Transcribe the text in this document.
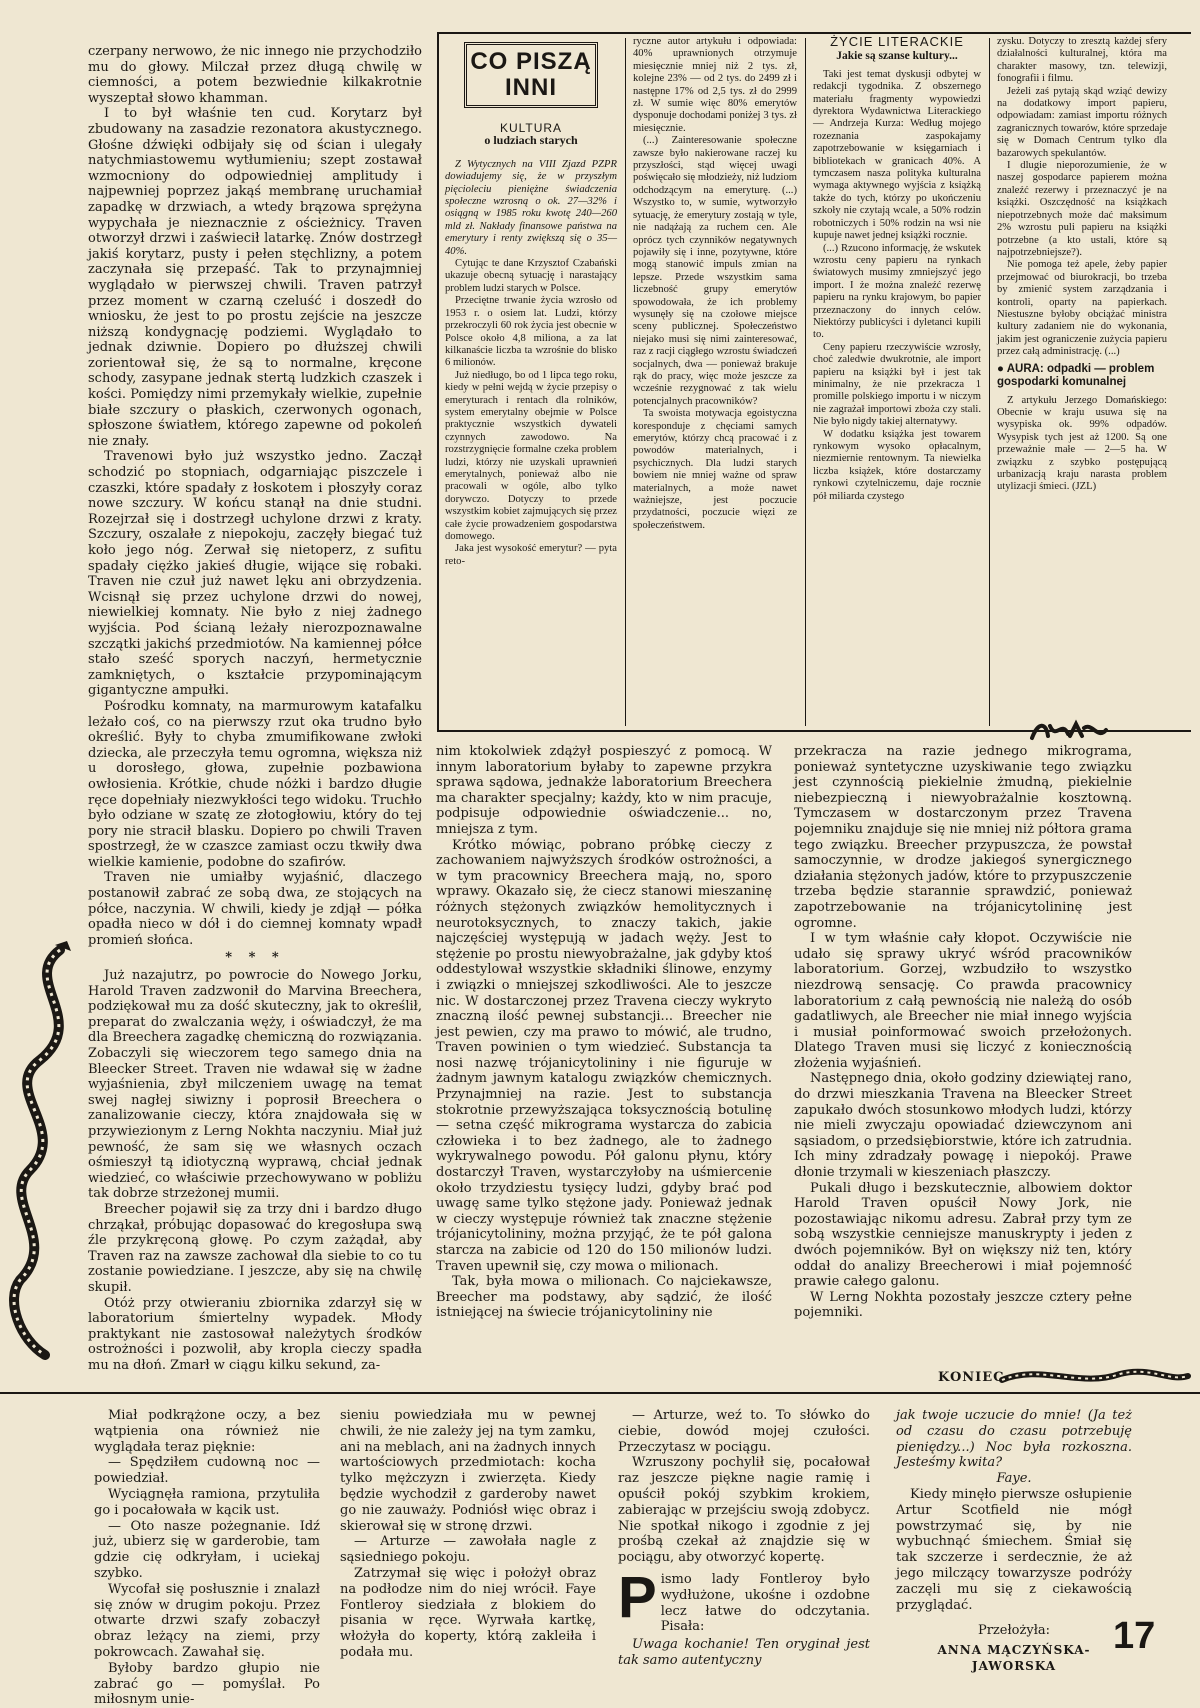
czerpany nerwowo, że nic innego nie przychodziło mu do głowy. Milczał przez długą chwilę w ciemności, a potem bezwiednie kilkakrotnie wyszeptał słowo khamman.

I to był właśnie ten cud. Korytarz był zbudowany na zasadzie rezonatora akustycznego. Głośne dźwięki odbijały się od ścian i ulegały natychmiastowemu wytłumieniu; szept zostawał wzmocniony do odpowiedniej amplitudy i najpewniej poprzez jakąś membranę uruchamiał zapadkę w drzwiach, a wtedy brązowa sprężyna wypychała je nieznacznie z ościeżnicy. Traven otworzył drzwi i zaświecił latarkę. Znów dostrzegł jakiś korytarz, pusty i pełen stęchlizny, a potem zaczynała się przepaść. Tak to przynajmniej wyglądało w pierwszej chwili. Traven patrzył przez moment w czarną czeluść i doszedł do wniosku, że jest to po prostu zejście na jeszcze niższą kondygnację podziemi. Wyglądało to jednak dziwnie. Dopiero po dłuższej chwili zorientował się, że są to normalne, kręcone schody, zasypane jednak stertą ludzkich czaszek i kości. Pomiędzy nimi przemykały wielkie, zupełnie białe szczury o płaskich, czerwonych ogonach, spłoszone światłem, którego zapewne od pokoleń nie znały.

Travenowi było już wszystko jedno. Zaczął schodzić po stopniach, odgarniając piszczele i czaszki, które spadały z łoskotem i płoszyły coraz nowe szczury. W końcu stanął na dnie studni. Rozejrzał się i dostrzegł uchylone drzwi z kraty. Szczury, oszalałe z niepokoju, zaczęły biegać tuż koło jego nóg. Zerwał się nietoperz, z sufitu spadały ciężko jakieś długie, wijące się robaki. Traven nie czuł już nawet lęku ani obrzydzenia. Wcisnął się przez uchylone drzwi do nowej, niewielkiej komnaty. Nie było z niej żadnego wyjścia. Pod ścianą leżały nierozpoznawalne szczątki jakichś przedmiotów. Na kamiennej półce stało sześć sporych naczyń, hermetycznie zamkniętych, o kształcie przypominającym gigantyczne ampułki.

Pośrodku komnaty, na marmurowym katafalku leżało coś, co na pierwszy rzut oka trudno było określić. Były to chyba zmumifikowane zwłoki dziecka, ale przeczyła temu ogromna, większa niż u dorosłego, głowa, zupełnie pozbawiona owłosienia. Krótkie, chude nóżki i bardzo długie ręce dopełniały niezwykłości tego widoku. Truchło było odziane w szatę ze złotogłowiu, który do tej pory nie stracił blasku. Dopiero po chwili Traven spostrzegł, że w czaszce zamiast oczu tkwiły dwa wielkie kamienie, podobne do szafirów.

Traven nie umiałby wyjaśnić, dlaczego postanowił zabrać ze sobą dwa, ze stojących na półce, naczynia. W chwili, kiedy je zdjął — półka opadła nieco w dół i do ciemnej komnaty wpadł promień słońca.

* * *

Już nazajutrz, po powrocie do Nowego Jorku, Harold Traven zadzwonił do Marvina Breechera, podziękował mu za dość skuteczny, jak to określił, preparat do zwalczania węży, i oświadczył, że ma dla Breechera zagadkę chemiczną do rozwiązania. Zobaczyli się wieczorem tego samego dnia na Bleecker Street. Traven nie wdawał się w żadne wyjaśnienia, zbył milczeniem uwagę na temat swej nagłej siwizny i poprosił Breechera o zanalizowanie cieczy, która znajdowała się w przywiezionym z Lerng Nokhta naczyniu. Miał już pewność, że sam się we własnych oczach ośmieszył tą idiotyczną wyprawą, chciał jednak wiedzieć, co właściwie przechowywano w pobliżu tak dobrze strzeżonej mumii.

Breecher pojawił się za trzy dni i bardzo długo chrząkał, próbując dopasować do kregosłupa swą źle przykręconą głowę. Po czym zażądał, aby Traven raz na zawsze zachował dla siebie to co tu zostanie powiedziane. I jeszcze, aby się na chwilę skupił.

Otóż przy otwieraniu zbiornika zdarzył się w laboratorium śmiertelny wypadek. Młody praktykant nie zastosował należytych środków ostrożności i pozwolił, aby kropla cieczy spadła mu na dłoń. Zmarł w ciągu kilku sekund, za-

CO PISZĄ
INNI
KULTURA
o ludziach starych

Z Wytycznych na VIII Zjazd PZPR dowiadujemy się, że w przyszłym pięcioleciu pieniężne świadczenia społeczne wzrosną o ok. 27—32% i osiągną w 1985 roku kwotę 240—260 mld zł. Nakłady finansowe państwa na emerytury i renty zwiększą się o 35—40%.

Cytując te dane Krzysztof Czabański ukazuje obecną sytuację i narastający problem ludzi starych w Polsce.

Przeciętne trwanie życia wzrosło od 1953 r. o osiem lat. Ludzi, którzy przekroczyli 60 rok życia jest obecnie w Polsce około 4,8 miliona, a za lat kilkanaście liczba ta wzrośnie do blisko 6 milionów.

Już niedługo, bo od 1 lipca tego roku, kiedy w pełni wejdą w życie przepisy o emeryturach i rentach dla rolników, system emerytalny obejmie w Polsce praktycznie wszystkich dywateli czynnych zawodowo. Na rozstrzygnięcie formalne czeka problem ludzi, którzy nie uzyskali uprawnień emerytalnych, ponieważ albo nie pracowali w ogóle, albo tylko dorywczo. Dotyczy to przede wszystkim kobiet zajmujących się przez całe życie prowadzeniem gospodarstwa domowego.

Jaka jest wysokość emerytur? — pyta reto-

ryczne autor artykułu i odpowiada: 40% uprawnionych otrzymuje miesięcznie mniej niż 2 tys. zł, kolejne 23% — od 2 tys. do 2499 zł i następne 17% od 2,5 tys. zł do 2999 zł. W sumie więc 80% emerytów dysponuje dochodami poniżej 3 tys. zł miesięcznie.

(...) Zainteresowanie społeczne zawsze było nakierowane raczej ku przyszłości, stąd więcej uwagi poświęcało się młodzieży, niż ludziom odchodzącym na emeryturę. (...) Wszystko to, w sumie, wytworzyło sytuację, że emerytury zostają w tyle, nie nadążają za ruchem cen. Ale oprócz tych czynników negatywnych pojawiły się i inne, pozytywne, które mogą stanowić impuls zmian na lepsze. Przede wszystkim sama liczebność grupy emerytów spowodowała, że ich problemy wysunęły się na czołowe miejsce sceny publicznej. Społeczeństwo niejako musi się nimi zainteresować, raz z racji ciągłego wzrostu świadczeń socjalnych, dwa — ponieważ brakuje rąk do pracy, więc może jeszcze za wcześnie rezygnować z tak wielu potencjalnych pracowników?

Ta swoista motywacja egoistyczna koresponduje z chęciami samych emerytów, którzy chcą pracować i z powodów materialnych, i psychicznych. Dla ludzi starych bowiem nie mniej ważne od spraw materialnych, a może nawet ważniejsze, jest poczucie przydatności, poczucie więzi ze społeczeństwem.

ŻYCIE LITERACKIE
Jakie są szanse kultury...

Taki jest temat dyskusji odbytej w redakcji tygodnika. Z obszernego materiału fragmenty wypowiedzi dyrektora Wydawnictwa Literackiego — Andrzeja Kurza: Według mojego rozeznania zaspokajamy zapotrzebowanie w księgarniach i bibliotekach w granicach 40%. A tymczasem nasza polityka kulturalna wymaga aktywnego wyjścia z książką także do tych, którzy po ukończeniu szkoły nie czytają wcale, a 50% rodzin robotniczych i 50% rodzin na wsi nie kupuje nawet jednej książki rocznie.

(...) Rzucono informację, że wskutek wzrostu ceny papieru na rynkach światowych musimy zmniejszyć jego import. I że można znaleźć rezerwę papieru na rynku krajowym, bo papier przeznaczony do innych celów. Niektórzy publicyści i dyletanci kupili to.

Ceny papieru rzeczywiście wzrosły, choć zaledwie dwukrotnie, ale import papieru na książki był i jest tak minimalny, że nie przekracza 1 promille polskiego importu i w niczym nie zagrażał importowi zboża czy stali. Nie było nigdy takiej alternatywy.

W dodatku książka jest towarem rynkowym wysoko opłacalnym, niezmiernie rentownym. Ta niewielka liczba książek, które dostarczamy rynkowi czytelniczemu, daje rocznie pół miliarda czystego

zysku. Dotyczy to zresztą każdej sfery działalności kulturalnej, która ma charakter masowy, tzn. telewizji, fonografii i filmu.

Jeżeli zaś pytają skąd wziąć dewizy na dodatkowy import papieru, odpowiadam: zamiast importu różnych zagranicznych towarów, które sprzedaje się w Domach Centrum tylko dla bazarowych spekulantów.

I dlugie nieporozumienie, że w naszej gospodarce papierem można znaleźć rezerwy i przeznaczyć je na książki. Oszczędność na książkach niepotrzebnych może dać maksimum 2% wzrostu puli papieru na książki potrzebne (a kto ustali, które są najpotrzebniejsze?).

Nie pomoga też apele, żeby papier przejmować od biurokracji, bo trzeba by zmienić system zarządzania i kontroli, oparty na papierkach. Niestuszne byłoby obciążać ministra kultury zadaniem nie do wykonania, jakim jest ograniczenie zużycia papieru przez całą administrację. (...)

● AURA: odpadki — problem gospodarki komunalnej

Z artykułu Jerzego Domańskiego: Obecnie w kraju usuwa się na wysypiska ok. 99% odpadów. Wysypisk tych jest aż 1200. Są one przeważnie małe — 2—5 ha. W związku z szybko postępującą urbanizacją kraju narasta problem utylizacji śmieci. (JZL)

nim ktokolwiek zdążył pospieszyć z pomocą. W innym laboratorium byłaby to zapewne przykra sprawa sądowa, jednakże laboratorium Breechera ma charakter specjalny; każdy, kto w nim pracuje, podpisuje odpowiednie oświadczenie... no, mniejsza z tym.

Krótko mówiąc, pobrano próbkę cieczy z zachowaniem najwyższych środków ostrożności, a w tym pracownicy Breechera mają, no, sporo wprawy. Okazało się, że ciecz stanowi mieszaninę różnych stężonych związków hemolitycznych i neurotoksycznych, to znaczy takich, jakie najczęściej występują w jadach węży. Jest to stężenie po prostu niewyobrażalne, jak gdyby ktoś oddestylował wszystkie składniki ślinowe, enzymy i związki o mniejszej szkodliwości. Ale to jeszcze nic. W dostarczonej przez Travena cieczy wykryto znaczną ilość pewnej substancji... Breecher nie jest pewien, czy ma prawo to mówić, ale trudno, Traven powinien o tym wiedzieć. Substancja ta nosi nazwę trójanicytolininy i nie figuruje w żadnym jawnym katalogu związków chemicznych. Przynajmniej na razie. Jest to substancja stokrotnie przewyższająca toksycznością botulinę — setna część mikrograma wystarcza do zabicia człowieka i to bez żadnego, ale to żadnego wykrywalnego powodu. Pół galonu płynu, który dostarczył Traven, wystarczyłoby na uśmiercenie około trzydziestu tysięcy ludzi, gdyby brać pod uwagę same tylko stężone jady. Ponieważ jednak w cieczy występuje również tak znaczne stężenie trójanicytolininy, można przyjąć, że te pół galona starcza na zabicie od 120 do 150 milionów ludzi. Traven upewnił się, czy mowa o milionach.

Tak, była mowa o milionach. Co najciekawsze, Breecher ma podstawy, aby sądzić, że ilość istniejącej na świecie trójanicytolininy nie

przekracza na razie jednego mikrograma, ponieważ syntetyczne uzyskiwanie tego związku jest czynnością piekielnie żmudną, piekielnie niebezpieczną i niewyobrażalnie kosztowną. Tymczasem w dostarczonym przez Travena pojemniku znajduje się nie mniej niż półtora grama tego związku. Breecher przypuszcza, że powstał samoczynnie, w drodze jakiegoś synergicznego działania stężonych jadów, które to przypuszczenie trzeba będzie starannie sprawdzić, ponieważ zapotrzebowanie na trójanicytolininę jest ogromne.

I w tym właśnie cały kłopot. Oczywiście nie udało się sprawy ukryć wśród pracowników laboratorium. Gorzej, wzbudziło to wszystko niezdrową sensację. Co prawda pracownicy laboratorium z całą pewnością nie należą do osób gadatliwych, ale Breecher nie miał innego wyjścia i musiał poinformować swoich przełożonych. Dlatego Traven musi się liczyć z koniecznością złożenia wyjaśnień.

Następnego dnia, około godziny dziewiątej rano, do drzwi mieszkania Travena na Bleecker Street zapukało dwóch stosunkowo młodych ludzi, którzy nie mieli zwyczaju opowiadać dziewczynom ani sąsiadom, o przedsiębiorstwie, które ich zatrudnia. Ich miny zdradzały powagę i niepokój. Prawe dłonie trzymali w kieszeniach płaszczy.

Pukali długo i bezskutecznie, albowiem doktor Harold Traven opuścił Nowy Jork, nie pozostawiając nikomu adresu. Zabrał przy tym ze sobą wszystkie cenniejsze manuskrypty i jeden z dwóch pojemników. Był on większy niż ten, który oddał do analizy Breecherowi i miał pojemność prawie całego galonu.

W Lerng Nokhta pozostały jeszcze cztery pełne pojemniki.

KONIEC

Miał podkrążone oczy, a bez wątpienia ona również nie wyglądała teraz pięknie:

— Spędziłem cudowną noc — powiedział.

Wyciągnęła ramiona, przytuliła go i pocałowała w kącik ust.

— Oto nasze pożegnanie. Idź już, ubierz się w garderobie, tam gdzie cię odkryłam, i uciekaj szybko.

Wycofał się posłusznie i znalazł się znów w drugim pokoju. Przez otwarte drzwi szafy zobaczył obraz leżący na ziemi, przy pokrowcach. Zawahał się.

Byłoby bardzo głupio nie zabrać go — pomyślał. Po miłosnym unie-

sieniu powiedziała mu w pewnej chwili, że nie zależy jej na tym zamku, ani na meblach, ani na żadnych innych wartościowych przedmiotach: kocha tylko mężczyzn i zwierzęta. Kiedy będzie wychodził z garderoby nawet go nie zauważy. Podniósł więc obraz i skierował się w stronę drzwi.

— Arturze — zawołała nagle z sąsiedniego pokoju.

Zatrzymał się więc i położył obraz na podłodze nim do niej wrócił. Faye Fontleroy siedziała z blokiem do pisania w ręce. Wyrwała kartkę, włożyła do koperty, którą zakleiła i podała mu.

— Arturze, weź to. To słówko do ciebie, dowód mojej czułości. Przeczytasz w pociągu.

Wzruszony pochylił się, pocałował raz jeszcze piękne nagie ramię i opuścił pokój szybkim krokiem, zabierając w przejściu swoją zdobycz. Nie spotkał nikogo i zgodnie z jej prośbą czekał aż znajdzie się w pociągu, aby otworzyć kopertę.

P ismo lady Fontleroy było wydłużone, ukośne i ozdobne lecz łatwe do odczytania. Pisała:
Uwaga kochanie! Ten oryginał jest tak samo autentyczny

jak twoje uczucie do mnie! (Ja też od czasu do czasu potrzebuję pieniędzy...) Noc była rozkoszna. Jesteśmy kwita?

Faye.

Kiedy minęło pierwsze osłupienie Artur Scotfield nie mógł powstrzymać się, by nie wybuchnąć śmiechem. Śmiał się tak szczerze i serdecznie, że aż jego milczący towarzysze podróży zaczęli mu się z ciekawością przyglądać.

Przełożyła:
ANNA MĄCZYŃSKA-JAWORSKA
17
